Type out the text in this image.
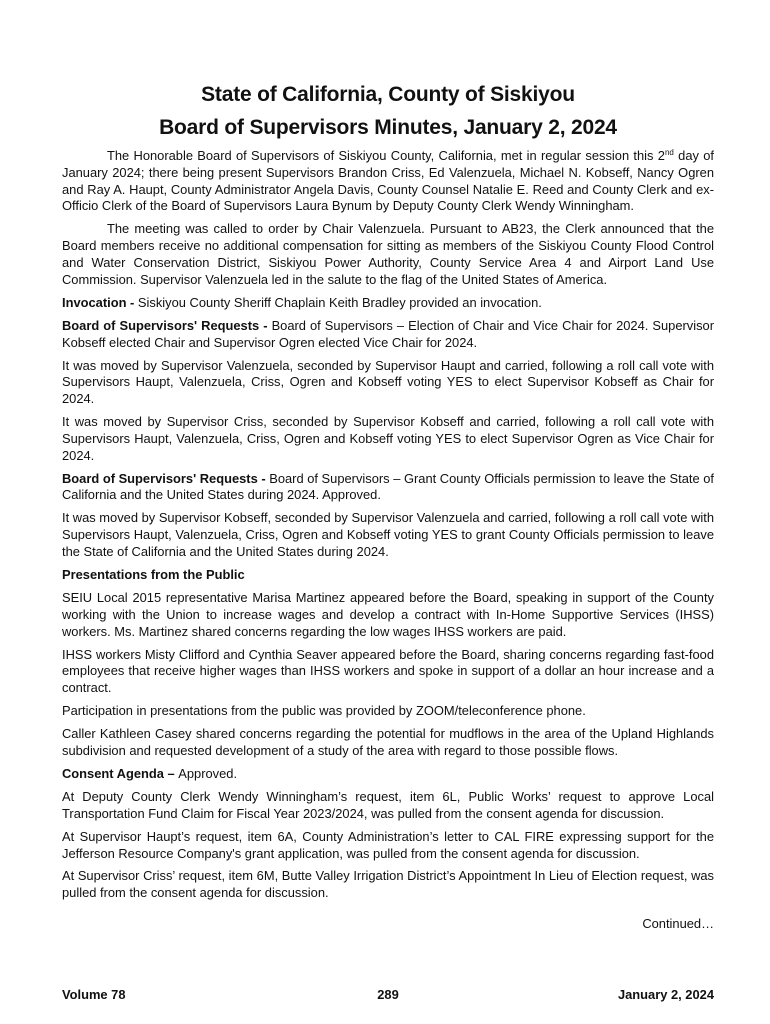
State of California, County of Siskiyou
Board of Supervisors Minutes, January 2, 2024

The Honorable Board of Supervisors of Siskiyou County, California, met in regular session this 2nd day of January 2024; there being present Supervisors Brandon Criss, Ed Valenzuela, Michael N. Kobseff, Nancy Ogren and Ray A. Haupt, County Administrator Angela Davis, County Counsel Natalie E. Reed and County Clerk and ex-Officio Clerk of the Board of Supervisors Laura Bynum by Deputy County Clerk Wendy Winningham.

The meeting was called to order by Chair Valenzuela. Pursuant to AB23, the Clerk announced that the Board members receive no additional compensation for sitting as members of the Siskiyou County Flood Control and Water Conservation District, Siskiyou Power Authority, County Service Area 4 and Airport Land Use Commission. Supervisor Valenzuela led in the salute to the flag of the United States of America.

Invocation - Siskiyou County Sheriff Chaplain Keith Bradley provided an invocation.

Board of Supervisors' Requests - Board of Supervisors – Election of Chair and Vice Chair for 2024. Supervisor Kobseff elected Chair and Supervisor Ogren elected Vice Chair for 2024.

It was moved by Supervisor Valenzuela, seconded by Supervisor Haupt and carried, following a roll call vote with Supervisors Haupt, Valenzuela, Criss, Ogren and Kobseff voting YES to elect Supervisor Kobseff as Chair for 2024.

It was moved by Supervisor Criss, seconded by Supervisor Kobseff and carried, following a roll call vote with Supervisors Haupt, Valenzuela, Criss, Ogren and Kobseff voting YES to elect Supervisor Ogren as Vice Chair for 2024.

Board of Supervisors' Requests - Board of Supervisors – Grant County Officials permission to leave the State of California and the United States during 2024. Approved.

It was moved by Supervisor Kobseff, seconded by Supervisor Valenzuela and carried, following a roll call vote with Supervisors Haupt, Valenzuela, Criss, Ogren and Kobseff voting YES to grant County Officials permission to leave the State of California and the United States during 2024.

Presentations from the Public

SEIU Local 2015 representative Marisa Martinez appeared before the Board, speaking in support of the County working with the Union to increase wages and develop a contract with In-Home Supportive Services (IHSS) workers. Ms. Martinez shared concerns regarding the low wages IHSS workers are paid.

IHSS workers Misty Clifford and Cynthia Seaver appeared before the Board, sharing concerns regarding fast-food employees that receive higher wages than IHSS workers and spoke in support of a dollar an hour increase and a contract.

Participation in presentations from the public was provided by ZOOM/teleconference phone.

Caller Kathleen Casey shared concerns regarding the potential for mudflows in the area of the Upland Highlands subdivision and requested development of a study of the area with regard to those possible flows.

Consent Agenda – Approved.

At Deputy County Clerk Wendy Winningham’s request, item 6L, Public Works’ request to approve Local Transportation Fund Claim for Fiscal Year 2023/2024, was pulled from the consent agenda for discussion.

At Supervisor Haupt’s request, item 6A, County Administration’s letter to CAL FIRE expressing support for the Jefferson Resource Company's grant application, was pulled from the consent agenda for discussion.

At Supervisor Criss’ request, item 6M, Butte Valley Irrigation District’s Appointment In Lieu of Election request, was pulled from the consent agenda for discussion.

Continued…
Volume 78	289	January 2, 2024
